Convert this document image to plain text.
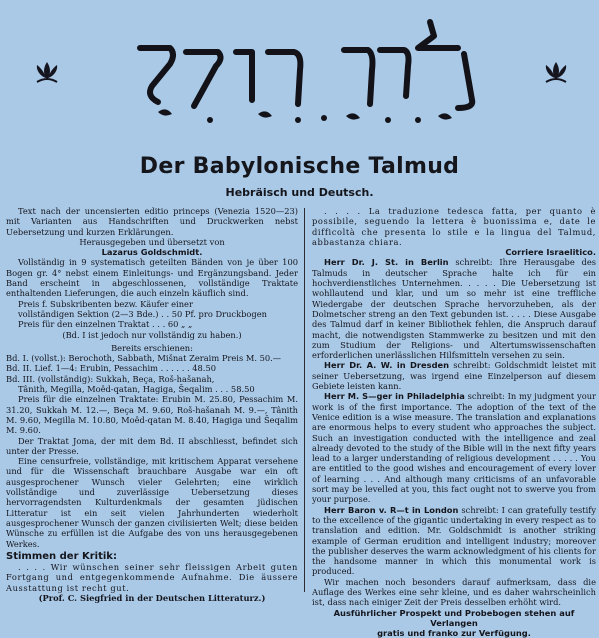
Der Babylonische Talmud
Hebräisch und Deutsch.

Text nach der uncensierten editio princeps (Venezia 1520—23) mit Varianten aus Handschriften und Druckwerken nebst Uebersetzung und kurzen Erklärungen.

Herausgegeben und übersetzt von

Lazarus Goldschmidt.

Vollständig in 9 systematisch geteilten Bänden von je über 100 Bogen gr. 4° nebst einem Einleitungs- und Ergänzungsband. Jeder Band erscheint in abgeschlossenen, vollständige Traktate enthaltenden Lieferungen, die auch einzeln käuflich sind.

Preis f. Subskribenten bezw. Käufer einer

vollständigen Sektion (2—3 Bde.) . . 50 Pf. pro Druckbogen

Preis für den einzelnen Traktat . . . 60 „ „

(Bd. I ist jedoch nur vollständig zu haben.)

Bereits erschienen:

Bd. I. (vollst.): Berochoth, Sabbath, Mišnat Zeraim Preis M. 50.—

Bd. II. Lief. 1—4: Erubin, Pessachim . . . . . . 48.50

Bd. III. (vollständig): Sukkah, Beça, Roš-hašanah,

Tânith, Megilla, Moêd-qatan, Hagiga, Šeqalim . . . 58.50

Preis für die einzelnen Traktate: Erubin M. 25.80, Pessachim M. 31.20, Sukkah M. 12.—, Beça M. 9.60, Roš-hašanah M. 9.—, Tânith M. 9.60, Megilla M. 10.80, Moêd-qatan M. 8.40, Hagiga und Šeqalim M. 9.60.

Der Traktat Joma, der mit dem Bd. II abschliesst, befindet sich unter der Presse.

Eine censurfreie, vollständige, mit kritischem Apparat versehene und für die Wissenschaft brauchbare Ausgabe war ein oft ausgesprochener Wunsch vieler Gelehrten; eine wirklich vollständige und zuverlässige Uebersetzung dieses hervorragendsten Kulturdenkmals der gesamten jüdischen Litteratur ist ein seit vielen Jahrhunderten wiederholt ausgesprochener Wunsch der ganzen civilisierten Welt; diese beiden Wünsche zu erfüllen ist die Aufgabe des von uns herausgegebenen Werkes.

Stimmen der Kritik:

. . . . Wir wünschen seiner sehr fleissigen Arbeit guten Fortgang und entgegenkommende Aufnahme. Die äussere Ausstattung ist recht gut.

(Prof. C. Siegfried in der Deutschen Litteraturz.)

. . . . La traduzione tedesca fatta, per quanto è possibile, seguendo la lettera è buonissima e, date le difficoltà che presenta lo stile e la lingua del Talmud, abbastanza chiara.

Corriere Israelitico.

Herr Dr. J. St. in Berlin schreibt: Ihre Herausgabe des Talmuds in deutscher Sprache halte ich für ein hochverdienstliches Unternehmen. . . . . Die Uebersetzung ist wohllautend und klar, und um so mehr ist eine treffliche Wiedergabe der deutschen Sprache hervorzuheben, als der Dolmetscher streng an den Text gebunden ist. . . . . Diese Ausgabe des Talmud darf in keiner Bibliothek fehlen, die Anspruch darauf macht, die notwendigsten Stammwerke zu besitzen und mit den zum Studium der Religions- und Altertumswissenschaften erforderlichen unerlässlichen Hilfsmitteln versehen zu sein.

Herr Dr. A. W. in Dresden schreibt: Goldschmidt leistet mit seiner Uebersetzung, was irgend eine Einzelperson auf diesem Gebiete leisten kann.

Herr M. S—ger in Philadelphia schreibt: In my judgment your work is of the first importance. The adoption of the text of the Venice edition is a wise measure. The translation and explanations are enormous helps to every student who approaches the subject. Such an investigation conducted with the intelligence and zeal already devoted to the study of the Bible will in the next fifty years lead to a larger understanding of religious development . . . . . You are entitled to the good wishes and encouragement of every lover of learning . . . And although many criticisms of an unfavorable sort may be levelled at you, this fact ought not to swerve you from your purpose.

Herr Baron v. R—t in London schreibt: I can gratefully testify to the excellence of the gigantic undertaking in every respect as to translation and edition. Mr. Goldschmidt is another striking example of German erudition and intelligent industry; moreover the publisher deserves the warm acknowledgment of his clients for the handsome manner in which this monumental work is produced.

Wir machen noch besonders darauf aufmerksam, dass die Auflage des Werkes eine sehr kleine, und es daher wahrscheinlich ist, dass nach einiger Zeit der Preis desselben erhöht wird.

Ausführlicher Prospekt und Probebogen stehen auf Verlangen

gratis und franko zur Verfügung.
